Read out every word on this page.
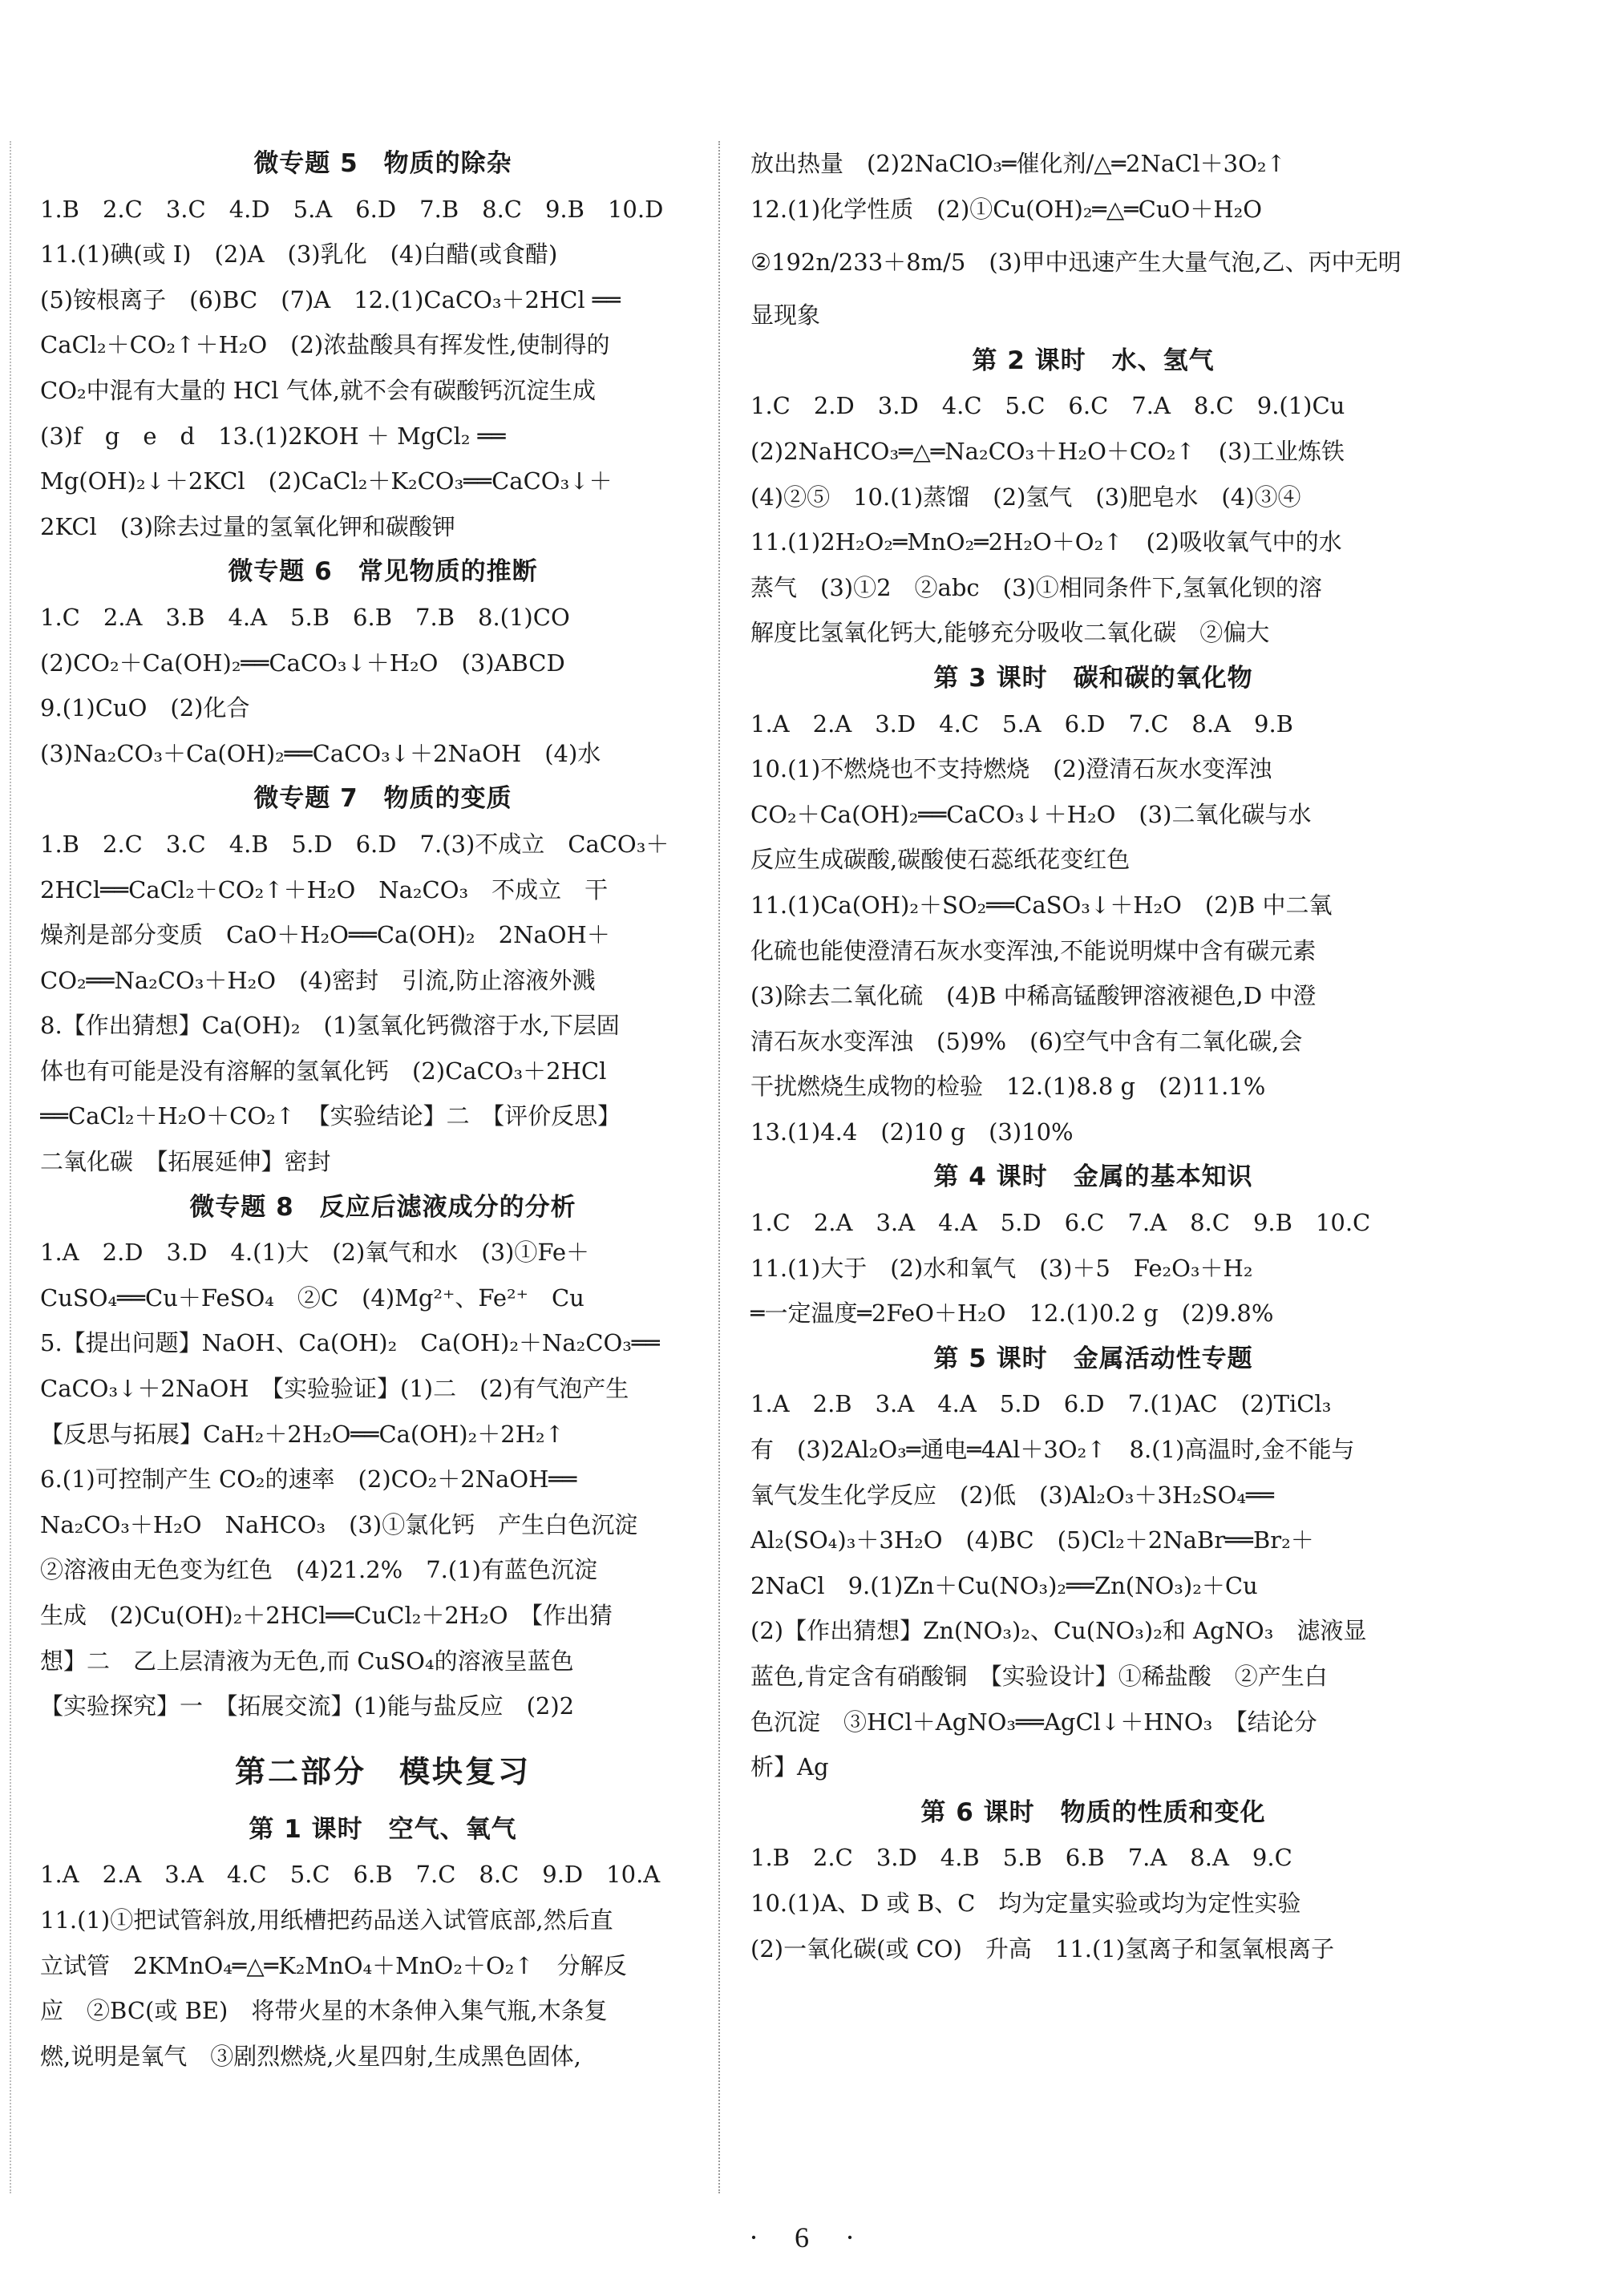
微专题 5　物质的除杂
1.B　2.C　3.C　4.D　5.A　6.D　7.B　8.C　9.B　10.D
11.(1)碘(或 I)　(2)A　(3)乳化　(4)白醋(或食醋)
(5)铵根离子　(6)BC　(7)A　12.(1)CaCO₃＋2HCl ══
CaCl₂＋CO₂↑＋H₂O　(2)浓盐酸具有挥发性,使制得的
CO₂中混有大量的 HCl 气体,就不会有碳酸钙沉淀生成
(3)f　g　e　d　13.(1)2KOH ＋ MgCl₂ ══
Mg(OH)₂↓＋2KCl　(2)CaCl₂＋K₂CO₃══CaCO₃↓＋
2KCl　(3)除去过量的氢氧化钾和碳酸钾
微专题 6　常见物质的推断
1.C　2.A　3.B　4.A　5.B　6.B　7.B　8.(1)CO
(2)CO₂＋Ca(OH)₂══CaCO₃↓＋H₂O　(3)ABCD
9.(1)CuO　(2)化合
(3)Na₂CO₃＋Ca(OH)₂══CaCO₃↓＋2NaOH　(4)水
微专题 7　物质的变质
1.B　2.C　3.C　4.B　5.D　6.D　7.(3)不成立　CaCO₃＋
2HCl══CaCl₂＋CO₂↑＋H₂O　Na₂CO₃　不成立　干
燥剂是部分变质　CaO＋H₂O══Ca(OH)₂　2NaOH＋
CO₂══Na₂CO₃＋H₂O　(4)密封　引流,防止溶液外溅
8.【作出猜想】Ca(OH)₂　(1)氢氧化钙微溶于水,下层固
体也有可能是没有溶解的氢氧化钙　(2)CaCO₃＋2HCl
══CaCl₂＋H₂O＋CO₂↑　【实验结论】二　【评价反思】
二氧化碳　【拓展延伸】密封
微专题 8　反应后滤液成分的分析
1.A　2.D　3.D　4.(1)大　(2)氧气和水　(3)①Fe＋
CuSO₄══Cu＋FeSO₄　②C　(4)Mg²⁺、Fe²⁺　Cu
5.【提出问题】NaOH、Ca(OH)₂　Ca(OH)₂＋Na₂CO₃══
CaCO₃↓＋2NaOH　【实验验证】(1)二　(2)有气泡产生
【反思与拓展】CaH₂＋2H₂O══Ca(OH)₂＋2H₂↑
6.(1)可控制产生 CO₂的速率　(2)CO₂＋2NaOH══
Na₂CO₃＋H₂O　NaHCO₃　(3)①氯化钙　产生白色沉淀
②溶液由无色变为红色　(4)21.2%　7.(1)有蓝色沉淀
生成　(2)Cu(OH)₂＋2HCl══CuCl₂＋2H₂O　【作出猜
想】二　乙上层清液为无色,而 CuSO₄的溶液呈蓝色
【实验探究】一　【拓展交流】(1)能与盐反应　(2)2
第二部分　模块复习
第 1 课时　空气、氧气
1.A　2.A　3.A　4.C　5.C　6.B　7.C　8.C　9.D　10.A
11.(1)①把试管斜放,用纸槽把药品送入试管底部,然后直
立试管　2KMnO₄═△═K₂MnO₄＋MnO₂＋O₂↑　分解反
应　②BC(或 BE)　将带火星的木条伸入集气瓶,木条复
燃,说明是氧气　③剧烈燃烧,火星四射,生成黑色固体,
放出热量　(2)2NaClO₃═催化剂/△═2NaCl＋3O₂↑
12.(1)化学性质　(2)①Cu(OH)₂═△═CuO＋H₂O
②192n/233＋8m/5　(3)甲中迅速产生大量气泡,乙、丙中无明
显现象
第 2 课时　水、氢气
1.C　2.D　3.D　4.C　5.C　6.C　7.A　8.C　9.(1)Cu
(2)2NaHCO₃═△═Na₂CO₃＋H₂O＋CO₂↑　(3)工业炼铁
(4)②⑤　10.(1)蒸馏　(2)氢气　(3)肥皂水　(4)③④
11.(1)2H₂O₂═MnO₂═2H₂O＋O₂↑　(2)吸收氧气中的水
蒸气　(3)①2　②abc　(3)①相同条件下,氢氧化钡的溶
解度比氢氧化钙大,能够充分吸收二氧化碳　②偏大
第 3 课时　碳和碳的氧化物
1.A　2.A　3.D　4.C　5.A　6.D　7.C　8.A　9.B
10.(1)不燃烧也不支持燃烧　(2)澄清石灰水变浑浊
CO₂＋Ca(OH)₂══CaCO₃↓＋H₂O　(3)二氧化碳与水
反应生成碳酸,碳酸使石蕊纸花变红色
11.(1)Ca(OH)₂＋SO₂══CaSO₃↓＋H₂O　(2)B 中二氧
化硫也能使澄清石灰水变浑浊,不能说明煤中含有碳元素
(3)除去二氧化硫　(4)B 中稀高锰酸钾溶液褪色,D 中澄
清石灰水变浑浊　(5)9%　(6)空气中含有二氧化碳,会
干扰燃烧生成物的检验　12.(1)8.8 g　(2)11.1%
13.(1)4.4　(2)10 g　(3)10%
第 4 课时　金属的基本知识
1.C　2.A　3.A　4.A　5.D　6.C　7.A　8.C　9.B　10.C
11.(1)大于　(2)水和氧气　(3)＋5　Fe₂O₃＋H₂
═一定温度═2FeO＋H₂O　12.(1)0.2 g　(2)9.8%
第 5 课时　金属活动性专题
1.A　2.B　3.A　4.A　5.D　6.D　7.(1)AC　(2)TiCl₃
有　(3)2Al₂O₃═通电═4Al＋3O₂↑　8.(1)高温时,金不能与
氧气发生化学反应　(2)低　(3)Al₂O₃＋3H₂SO₄══
Al₂(SO₄)₃＋3H₂O　(4)BC　(5)Cl₂＋2NaBr══Br₂＋
2NaCl　9.(1)Zn＋Cu(NO₃)₂══Zn(NO₃)₂＋Cu
(2)【作出猜想】Zn(NO₃)₂、Cu(NO₃)₂和 AgNO₃　滤液显
蓝色,肯定含有硝酸铜　【实验设计】①稀盐酸　②产生白
色沉淀　③HCl＋AgNO₃══AgCl↓＋HNO₃　【结论分
析】Ag
第 6 课时　物质的性质和变化
1.B　2.C　3.D　4.B　5.B　6.B　7.A　8.A　9.C
10.(1)A、D 或 B、C　均为定量实验或均为定性实验
(2)一氧化碳(或 CO)　升高　11.(1)氢离子和氢氧根离子
· 6 ·
